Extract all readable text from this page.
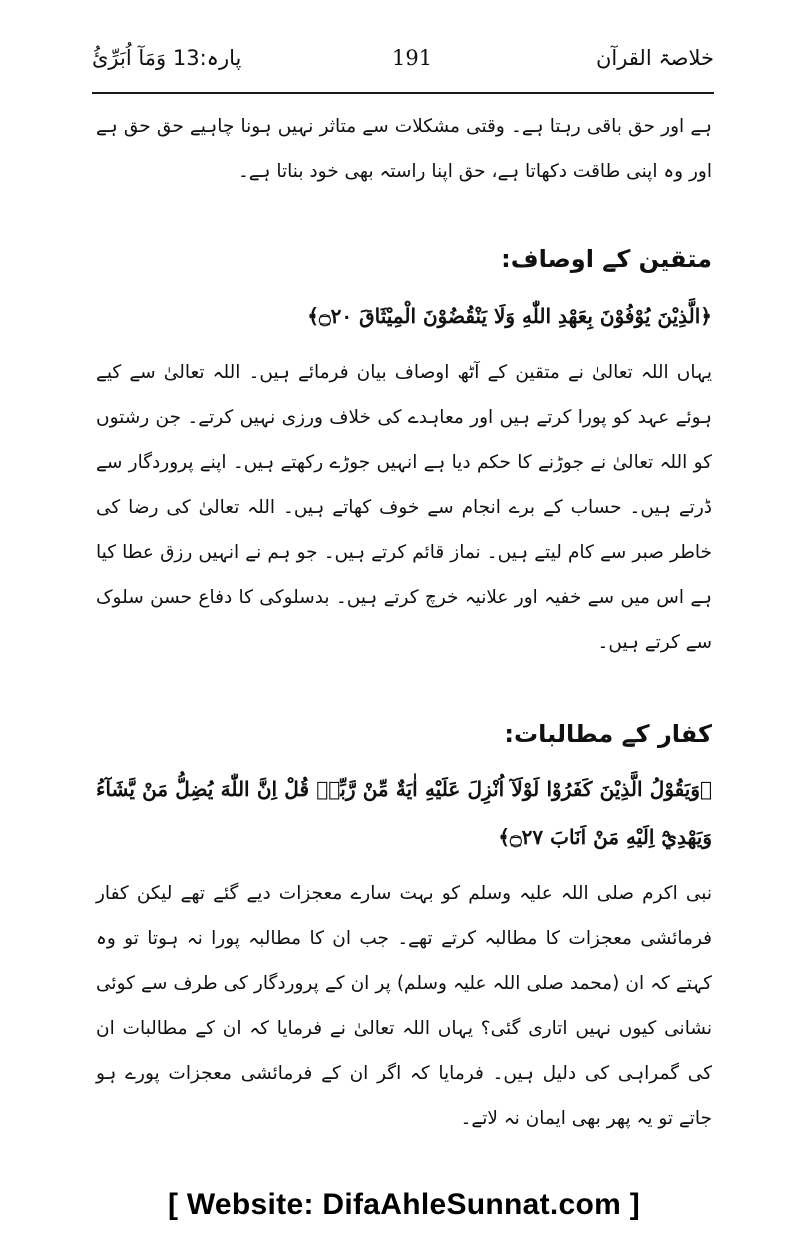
خلاصۃ القرآن
191
پارہ:13 وَمَآ اُبَرِّئُ

ہے اور حق باقی رہتا ہے۔ وقتی مشکلات سے متاثر نہیں ہونا چاہیے حق حق ہے اور وہ اپنی طاقت دکھاتا ہے، حق اپنا راستہ بھی خود بناتا ہے۔

متقین کے اوصاف:

﴿الَّذِيْنَ يُوْفُوْنَ بِعَهْدِ اللّٰهِ وَلَا يَنْقُضُوْنَ الْمِيْثَاقَ ۝٢٠﴾

یہاں اللہ تعالیٰ نے متقین کے آٹھ اوصاف بیان فرمائے ہیں۔ اللہ تعالیٰ سے کیے ہوئے عہد کو پورا کرتے ہیں اور معاہدے کی خلاف ورزی نہیں کرتے۔ جن رشتوں کو اللہ تعالیٰ نے جوڑنے کا حکم دیا ہے انہیں جوڑے رکھتے ہیں۔ اپنے پروردگار سے ڈرتے ہیں۔ حساب کے برے انجام سے خوف کھاتے ہیں۔ اللہ تعالیٰ کی رضا کی خاطر صبر سے کام لیتے ہیں۔ نماز قائم کرتے ہیں۔ جو ہم نے انہیں رزق عطا کیا ہے اس میں سے خفیہ اور علانیہ خرچ کرتے ہیں۔ بدسلوکی کا دفاع حسن سلوک سے کرتے ہیں۔

کفار کے مطالبات:

﴿وَيَقُوْلُ الَّذِيْنَ كَفَرُوْا لَوْلَآ اُنْزِلَ عَلَيْهِ اٰيَةٌ مِّنْ رَّبِّهٖ قُلْ اِنَّ اللّٰهَ يُضِلُّ مَنْ يَّشَآءُ وَيَهْدِيْٓ اِلَيْهِ مَنْ اَنَابَ ۝٢٧﴾

نبی اکرم صلی اللہ علیہ وسلم کو بہت سارے معجزات دیے گئے تھے لیکن کفار فرمائشی معجزات کا مطالبہ کرتے تھے۔ جب ان کا مطالبہ پورا نہ ہوتا تو وہ کہتے کہ ان (محمد صلی اللہ علیہ وسلم) پر ان کے پروردگار کی طرف سے کوئی نشانی کیوں نہیں اتاری گئی؟ یہاں اللہ تعالیٰ نے فرمایا کہ ان کے مطالبات ان کی گمراہی کی دلیل ہیں۔ فرمایا کہ اگر ان کے فرمائشی معجزات پورے ہو جاتے تو یہ پھر بھی ایمان نہ لاتے۔

[ Website: DifaAhleSunnat.com ]
